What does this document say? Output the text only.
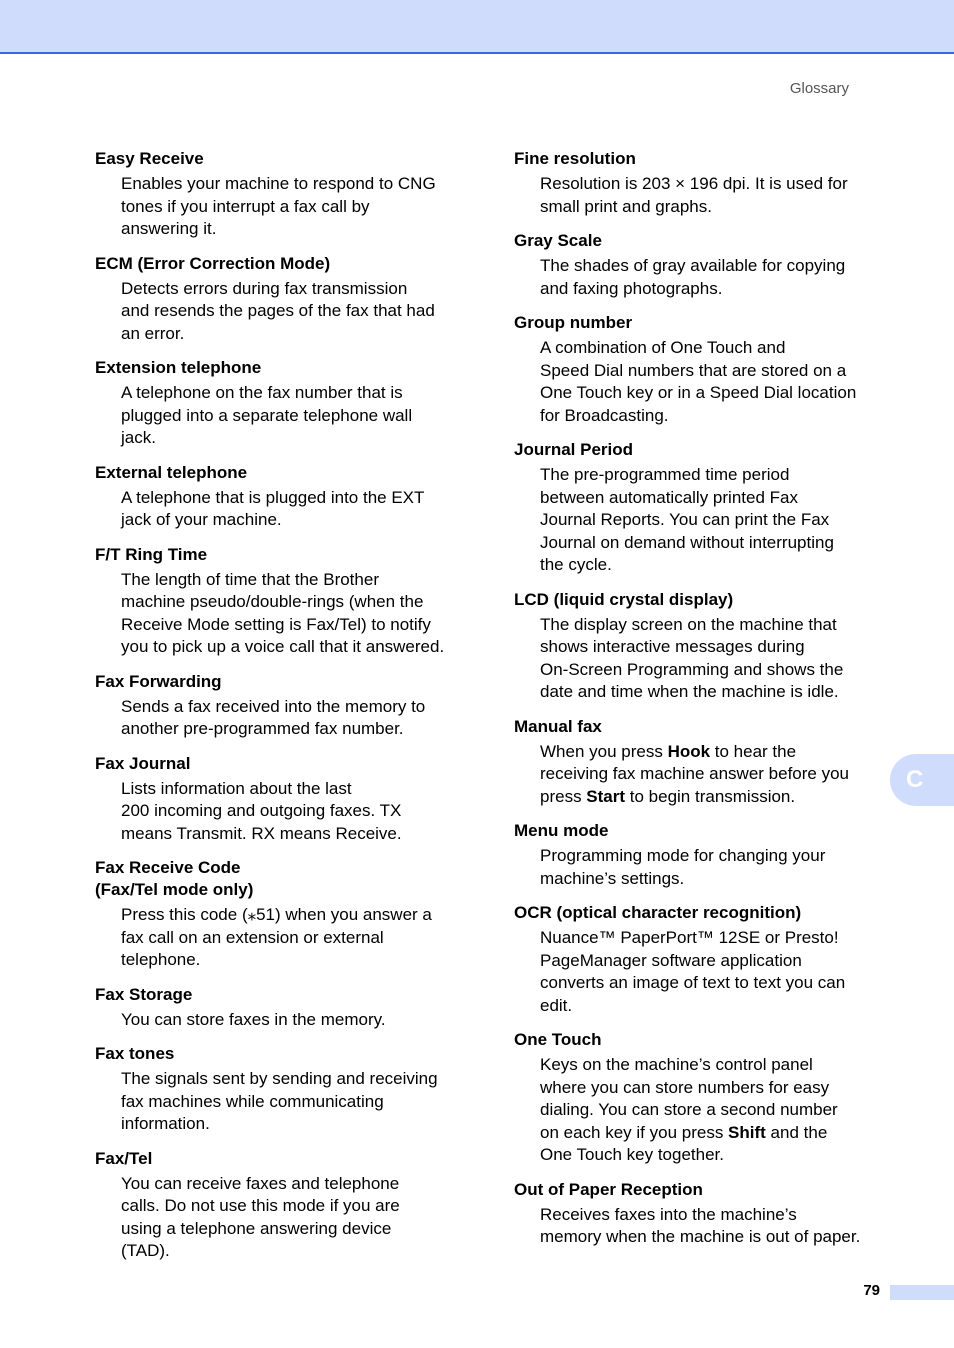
Glossary
Easy Receive
Enables your machine to respond to CNG
tones if you interrupt a fax call by
answering it.
ECM (Error Correction Mode)
Detects errors during fax transmission
and resends the pages of the fax that had
an error.
Extension telephone
A telephone on the fax number that is
plugged into a separate telephone wall
jack.
External telephone
A telephone that is plugged into the EXT
jack of your machine.
F/T Ring Time
The length of time that the Brother
machine pseudo/double-rings (when the
Receive Mode setting is Fax/Tel) to notify
you to pick up a voice call that it answered.
Fax Forwarding
Sends a fax received into the memory to
another pre-programmed fax number.
Fax Journal
Lists information about the last
200 incoming and outgoing faxes. TX
means Transmit. RX means Receive.
Fax Receive Code
(Fax/Tel mode only)
Press this code (⁎51) when you answer a
fax call on an extension or external
telephone.
Fax Storage
You can store faxes in the memory.
Fax tones
The signals sent by sending and receiving
fax machines while communicating
information.
Fax/Tel
You can receive faxes and telephone
calls. Do not use this mode if you are
using a telephone answering device
(TAD).
Fine resolution
Resolution is 203 × 196 dpi. It is used for
small print and graphs.
Gray Scale
The shades of gray available for copying
and faxing photographs.
Group number
A combination of One Touch and
Speed Dial numbers that are stored on a
One Touch key or in a Speed Dial location
for Broadcasting.
Journal Period
The pre-programmed time period
between automatically printed Fax
Journal Reports. You can print the Fax
Journal on demand without interrupting
the cycle.
LCD (liquid crystal display)
The display screen on the machine that
shows interactive messages during
On-Screen Programming and shows the
date and time when the machine is idle.
Manual fax
When you press Hook to hear the
receiving fax machine answer before you
press Start to begin transmission.
Menu mode
Programming mode for changing your
machine’s settings.
OCR (optical character recognition)
Nuance™ PaperPort™ 12SE or Presto!
PageManager software application
converts an image of text to text you can
edit.
One Touch
Keys on the machine’s control panel
where you can store numbers for easy
dialing. You can store a second number
on each key if you press Shift and the
One Touch key together.
Out of Paper Reception
Receives faxes into the machine’s
memory when the machine is out of paper.
C
79
